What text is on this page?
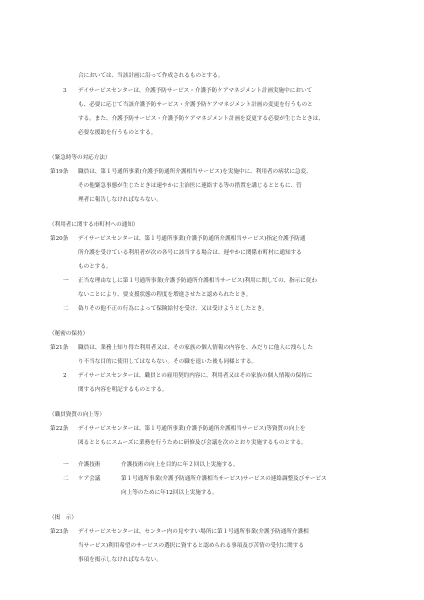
合においては、当該計画に沿って作成されるものとする。
3 デイサービスセンターは、介護予防サービス・介護予防ケアマネジメント計画実施中において
も、必要に応じて当該介護予防サービス・介護予防ケアマネジメント計画の変更を行うものと
する。また、介護予防サービス・介護予防ケアマネジメント計画を変更する必要が生じたときは、
必要な援助を行うものとする。
（緊急時等の対応方法）
第19条 職員は、第１号通所事業(介護予防通所介護相当サービス)を実施中に、利用者の病状に急変、
その他緊急事態が生じたときは速やかに主治医に連絡する等の措置を講じるとともに、管
理者に報告しなければならない。
（利用者に関する市町村への通知）
第20条 デイサービスセンターは、第１号通所事業(介護予防通所介護相当サービス)指定介護予防通
所介護を受けている利用者が次の各号に該当する場合は、遅やかに関係市町村に通知する
ものとする。
一 正当な理由なしに第１号通所事業(介護予防通所介護相当サービス)利用に関しての、指示に従わ
ないことにより、要支援状態の程度を増進させたと認められたとき。
二 偽りその他不正の行為によって保険給付を受け、又は受けようとしたとき。
（秘密の保持）
第21条 職員は、業務上知り得た利用者又は、その家族の個人情報の内容を、みだりに他人に洩らした
り不当な目的に使用してはならない。その職を退いた後も同様とする。
2 デイサービスセンターは、職員との雇用契約内容に、利用者又はその家族の個人情報の保持に
関する内容を明記するものとする。
（職員資質の向上等）
第22条 デイサービスセンターは、第１号通所事業(介護予防通所介護相当サービス)等資質の向上を
図るとともにスムーズに業務を行うために研修及び会議を次のとおり実施するものとする。
一 介護技術	介護技術の向上を目的に年２回以上実施する。
二 ケア会議	第１号通所事業(介護予防通所介護相当サービス)サービスの連絡調整及びサービス
向上等のために年12回以上実施する。
（掲　示）
第23条 デイサービスセンターは、センター内の見やすい場所に第１号通所事業(介護予防通所介護相
当サービス)利用希望のサービスの選択に資すると認められる事項及び苦情の受付に関する
事項を掲示しなければならない。
